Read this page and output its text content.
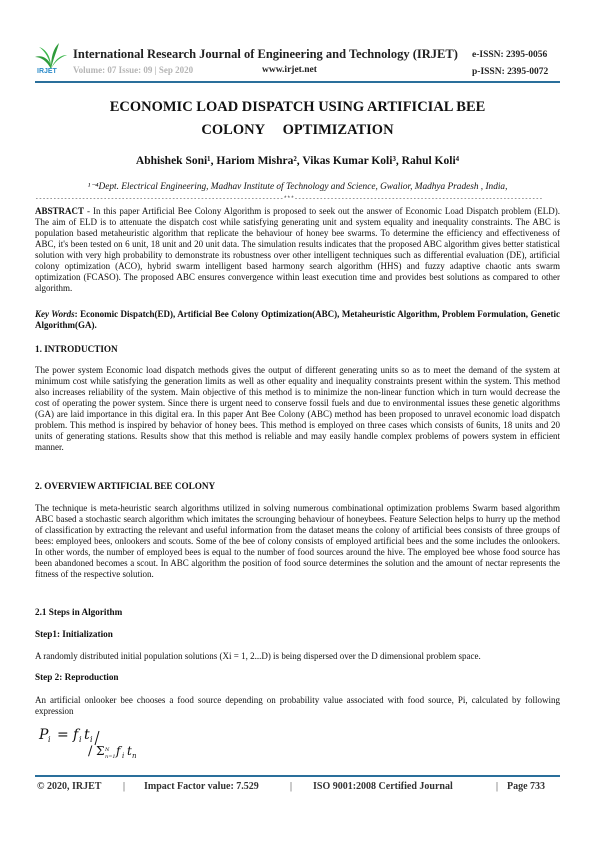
IRJET
International Research Journal of Engineering and Technology (IRJET)
Volume: 07 Issue: 09 | Sep 2020	www.irjet.net
e-ISSN: 2395-0056
p-ISSN: 2395-0072
ECONOMIC LOAD DISPATCH USING ARTIFICIAL BEE
COLONY     OPTIMIZATION
Abhishek Soni¹, Hariom Mishra², Vikas Kumar Koli³, Rahul Koli⁴
¹⁻⁴Dept. Electrical Engineering, Madhav Institute of Technology and Science, Gwalior, Madhya Pradesh , India,
---------------------------------------------------------------------***---------------------------------------------------------------------
ABSTRACT - In this paper Artificial Bee Colony Algorithm is proposed to seek out the answer of Economic Load Dispatch problem (ELD). The aim of ELD is to attenuate the dispatch cost while satisfying generating unit and system equality and inequality constraints. The ABC is population based metaheuristic algorithm that replicate the behaviour of honey bee swarms. To determine the efficiency and effectiveness of ABC, it's been tested on 6 unit, 18 unit and 20 unit data. The simulation results indicates that the proposed ABC algorithm gives better statistical solution with very high probability to demonstrate its robustness over other intelligent techniques such as differential evaluation (DE), artificial colony optimization (ACO), hybrid swarm intelligent based harmony search algorithm (HHS) and fuzzy adaptive chaotic ants swarm optimization (FCASO). The proposed ABC ensures convergence within least execution time and provides best solutions as compared to other algorithm.
Key Words: Economic Dispatch(ED), Artificial Bee Colony Optimization(ABC), Metaheuristic Algorithm, Problem Formulation, Genetic Algorithm(GA).
1. INTRODUCTION
The power system Economic load dispatch methods gives the output of different generating units so as to meet the demand of the system at minimum cost while satisfying the generation limits as well as other equality and inequality constraints present within the system. This method also increases reliability of the system. Main objective of this method is to minimize the non-linear function which in turn would decrease the cost of operating the power system. Since there is urgent need to conserve fossil fuels and due to environmental issues these genetic algorithms (GA) are laid importance in this digital era. In this paper Ant Bee Colony (ABC) method has been proposed to unravel economic load dispatch problem. This method is inspired by behavior of honey bees. This method is employed on three cases which consists of 6units, 18 units and 20 units of generating stations. Results show that this method is reliable and may easily handle complex problems of powers system in efficient manner.
2. OVERVIEW ARTIFICIAL BEE COLONY
The technique is meta-heuristic search algorithms utilized in solving numerous combinational optimization problems Swarm based algorithm ABC based a stochastic search algorithm which imitates the scrounging behaviour of honeybees. Feature Selection helps to hurry up the method of classification by extracting the relevant and useful information from the dataset means the colony of artificial bees consists of three groups of bees: employed bees, onlookers and scouts. Some of the bee of colony consists of employed artificial bees and the some includes the onlookers. In other words, the number of employed bees is equal to the number of food sources around the hive. The employed bee whose food source has been abandoned becomes a scout. In ABC algorithm the position of food source determines the solution and the amount of nectar represents the fitness of the respective solution.
2.1 Steps in Algorithm
Step1: Initialization
A randomly distributed initial population solutions (Xi = 1, 2...D) is being dispersed over the D dimensional problem space.
Step 2: Reproduction
An artificial onlooker bee chooses a food source depending on probability value associated with food source, Pi, calculated by following expression
P i = f i t i
/ Σ N
n=1 f i t n
© 2020, IRJET | Impact Factor value: 7.529	| ISO 9001:2008 Certified Journal	| Page 733
